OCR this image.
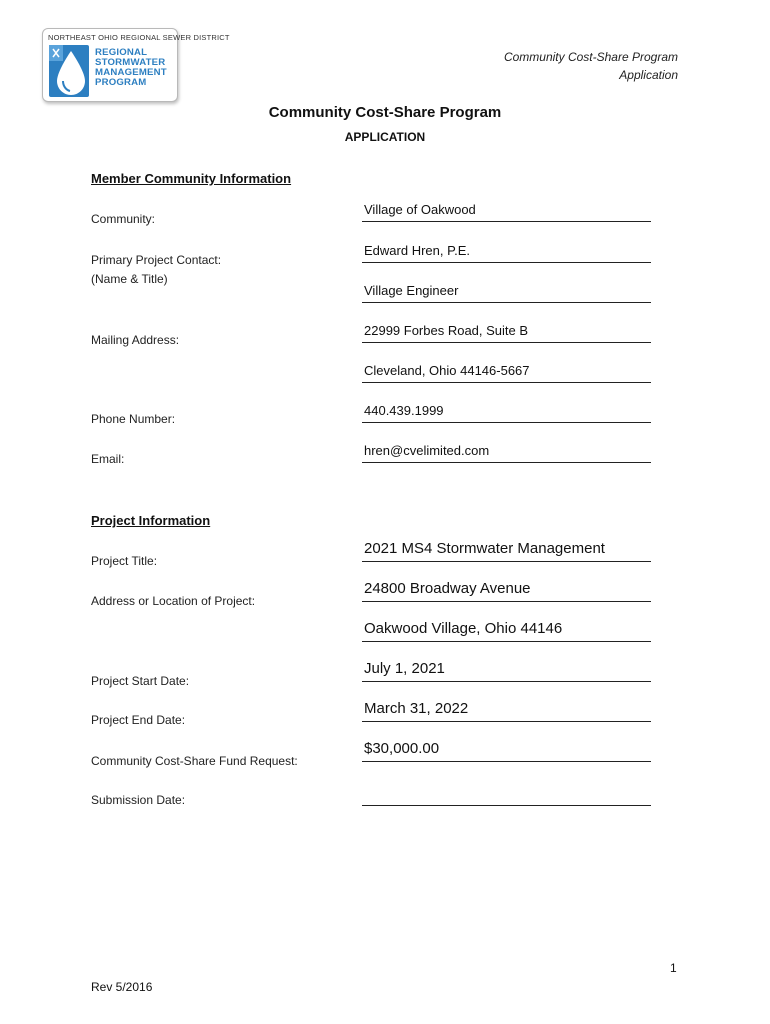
NORTHEAST OHIO REGIONAL SEWER DISTRICT
REGIONAL
STORMWATER
MANAGEMENT
PROGRAM
Community Cost-Share Program
Application
Community Cost-Share Program
APPLICATION
Member Community Information
Community:
Village of Oakwood
Primary Project Contact:
(Name & Title)
Edward Hren, P.E.
Village Engineer
Mailing Address:
22999 Forbes Road, Suite B
Cleveland, Ohio 44146-5667
Phone Number:
440.439.1999
Email:
hren@cvelimited.com
Project Information
Project Title:
2021 MS4 Stormwater Management
Address or Location of Project:
24800 Broadway Avenue
Oakwood Village, Ohio 44146
Project Start Date:
July 1, 2021
Project End Date:
March 31, 2022
Community Cost-Share Fund Request:
$30,000.00
Submission Date:
1
Rev 5/2016
